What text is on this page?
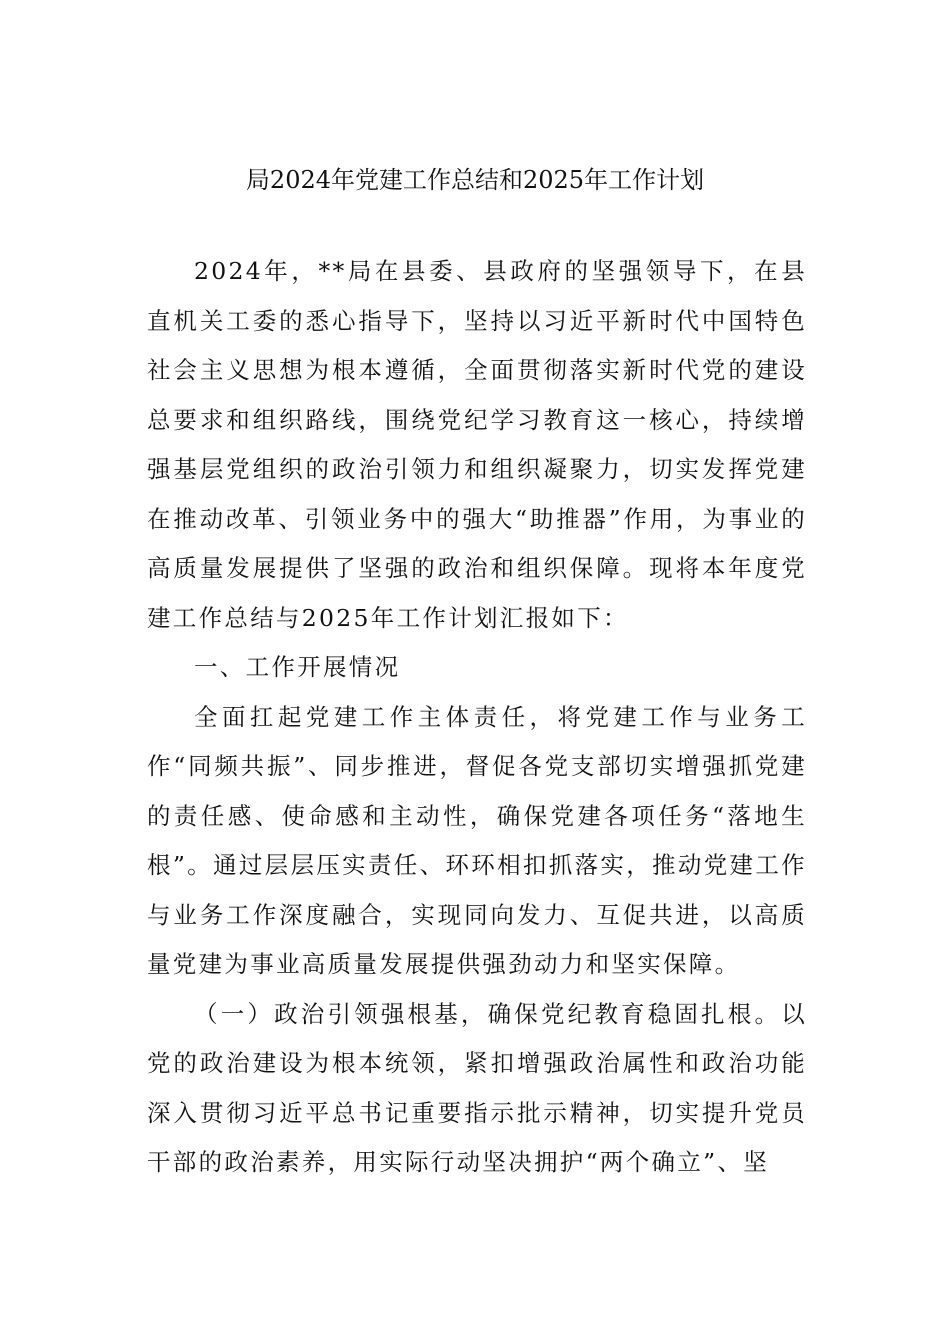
局2024年党建工作总结和2025年工作计划

2024年，**局在县委、县政府的坚强领导下，在县直机关工委的悉心指导下，坚持以习近平新时代中国特色社会主义思想为根本遵循，全面贯彻落实新时代党的建设总要求和组织路线，围绕党纪学习教育这一核心，持续增强基层党组织的政治引领力和组织凝聚力，切实发挥党建在推动改革、引领业务中的强大“助推器”作用，为事业的高质量发展提供了坚强的政治和组织保障。现将本年度党建工作总结与2025年工作计划汇报如下：

一、工作开展情况

全面扛起党建工作主体责任，将党建工作与业务工作“同频共振”、同步推进，督促各党支部切实增强抓党建的责任感、使命感和主动性，确保党建各项任务“落地生根”。通过层层压实责任、环环相扣抓落实，推动党建工作与业务工作深度融合，实现同向发力、互促共进，以高质量党建为事业高质量发展提供强劲动力和坚实保障。

（一）政治引领强根基，确保党纪教育稳固扎根。以党的政治建设为根本统领，紧扣增强政治属性和政治功能深入贯彻习近平总书记重要指示批示精神，切实提升党员干部的政治素养，用实际行动坚决拥护“两个确立”、坚
